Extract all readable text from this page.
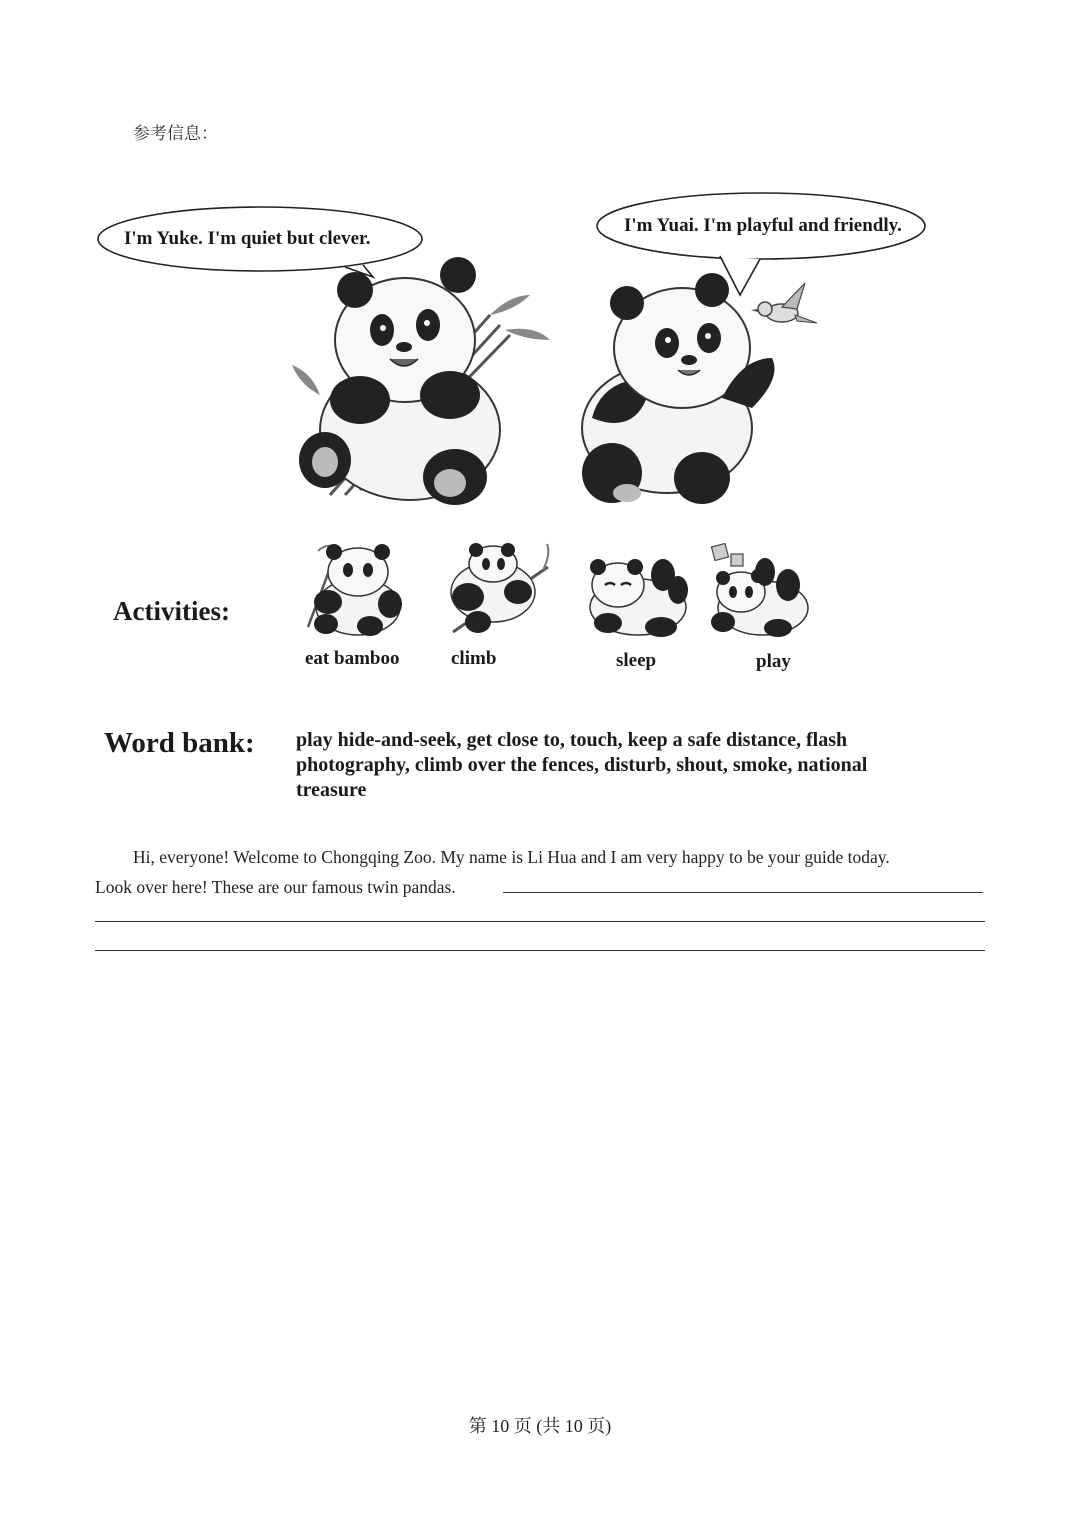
参考信息：
I'm Yuke. I'm quiet but clever.
I'm Yuai. I'm playful and friendly.
Activities:
eat bamboo	climb	sleep	play
Word bank: play hide-and-seek, get close to, touch, keep a safe distance, flash photography, climb over the fences, disturb, shout, smoke, national treasure
Hi, everyone! Welcome to Chongqing Zoo. My name is Li Hua and I am very happy to be your guide today.
Look over here! These are our famous twin pandas.
第 10 页 (共 10 页)
